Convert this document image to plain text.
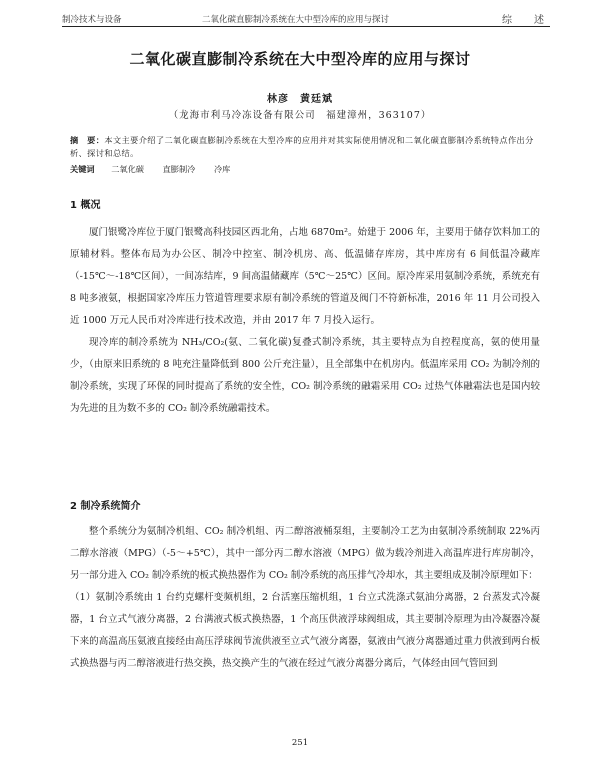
制冷技术与设备	二氧化碳直膨制冷系统在大中型冷库的应用与探讨	综　述
二氧化碳直膨制冷系统在大中型冷库的应用与探讨
林彦　黄廷斌
（龙海市利马冷冻设备有限公司　福建漳州，363107）
摘　要：本文主要介绍了二氧化碳直膨制冷系统在大型冷库的应用并对其实际使用情况和二氧化碳直膨制冷系统特点作出分析、探讨和总结。
关键词 二氧化碳 直膨制冷 冷库
1 概况

厦门银鹭冷库位于厦门银鹭高科技园区西北角，占地 6870m²。始建于 2006 年，主要用于储存饮料加工的原辅材料。整体布局为办公区、制冷中控室、制冷机房、高、低温储存库房，其中库房有 6 间低温冷藏库（-15℃～-18℃区间），一间冻结库，9 间高温储藏库（5℃～25℃）区间。原冷库采用氨制冷系统，系统充有 8 吨多液氨，根据国家冷库压力管道管理要求原有制冷系统的管道及阀门不符新标准，2016 年 11 月公司投入近 1000 万元人民币对冷库进行技术改造，并由 2017 年 7 月投入运行。

现冷库的制冷系统为 NH₃/CO₂(氨、二氧化碳)复叠式制冷系统，其主要特点为自控程度高，氨的使用量少，（由原来旧系统的 8 吨充注量降低到 800 公斤充注量），且全部集中在机房内。低温库采用 CO₂ 为制冷剂的制冷系统，实现了环保的同时提高了系统的安全性，CO₂ 制冷系统的融霜采用 CO₂ 过热气体融霜法也是国内较为先进的且为数不多的 CO₂ 制冷系统融霜技术。

2 制冷系统简介

整个系统分为氨制冷机组、CO₂ 制冷机组、丙二醇溶液桶泵组，主要制冷工艺为由氨制冷系统制取 22%丙二醇水溶液（MPG）（-5～+5℃），其中一部分丙二醇水溶液（MPG）做为载冷剂进入高温库进行库房制冷，另一部分进入 CO₂ 制冷系统的板式换热器作为 CO₂ 制冷系统的高压排气冷却水，其主要组成及制冷原理如下：

（1）氨制冷系统由 1 台约克螺杆变频机组，2 台活塞压缩机组，1 台立式洗涤式氨油分离器，2 台蒸发式冷凝器，1 台立式气液分离器，2 台满液式板式换热器，1 个高压供液浮球阀组成，其主要制冷原理为由冷凝器冷凝下来的高温高压氨液直接经由高压浮球阀节流供液至立式气液分离器，氨液由气液分离器通过重力供液到两台板式换热器与丙二醇溶液进行热交换，热交换产生的气液在经过气液分离器分离后，气体经由回气管回到

251
